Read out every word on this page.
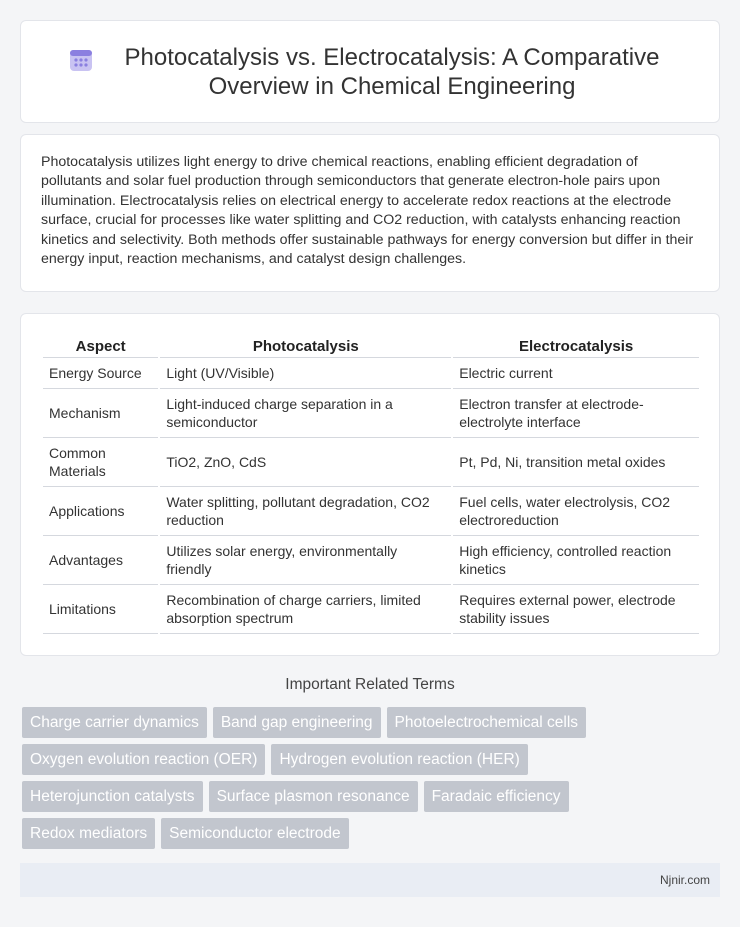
Photocatalysis vs. Electrocatalysis: A Comparative Overview in Chemical Engineering

Photocatalysis utilizes light energy to drive chemical reactions, enabling efficient degradation of pollutants and solar fuel production through semiconductors that generate electron-hole pairs upon illumination. Electrocatalysis relies on electrical energy to accelerate redox reactions at the electrode surface, crucial for processes like water splitting and CO2 reduction, with catalysts enhancing reaction kinetics and selectivity. Both methods offer sustainable pathways for energy conversion but differ in their energy input, reaction mechanisms, and catalyst design challenges.

Aspect	Photocatalysis	Electrocatalysis
Energy Source	Light (UV/Visible)	Electric current
Mechanism	Light-induced charge separation in a semiconductor	Electron transfer at electrode-electrolyte interface
Common Materials	TiO2, ZnO, CdS	Pt, Pd, Ni, transition metal oxides
Applications	Water splitting, pollutant degradation, CO2 reduction	Fuel cells, water electrolysis, CO2 electroreduction
Advantages	Utilizes solar energy, environmentally friendly	High efficiency, controlled reaction kinetics
Limitations	Recombination of charge carriers, limited absorption spectrum	Requires external power, electrode stability issues
Important Related Terms
Charge carrier dynamics	Band gap engineering	Photoelectrochemical cells
Oxygen evolution reaction (OER)	Hydrogen evolution reaction (HER)
Heterojunction catalysts	Surface plasmon resonance	Faradaic efficiency
Redox mediators	Semiconductor electrode
Njnir.com
